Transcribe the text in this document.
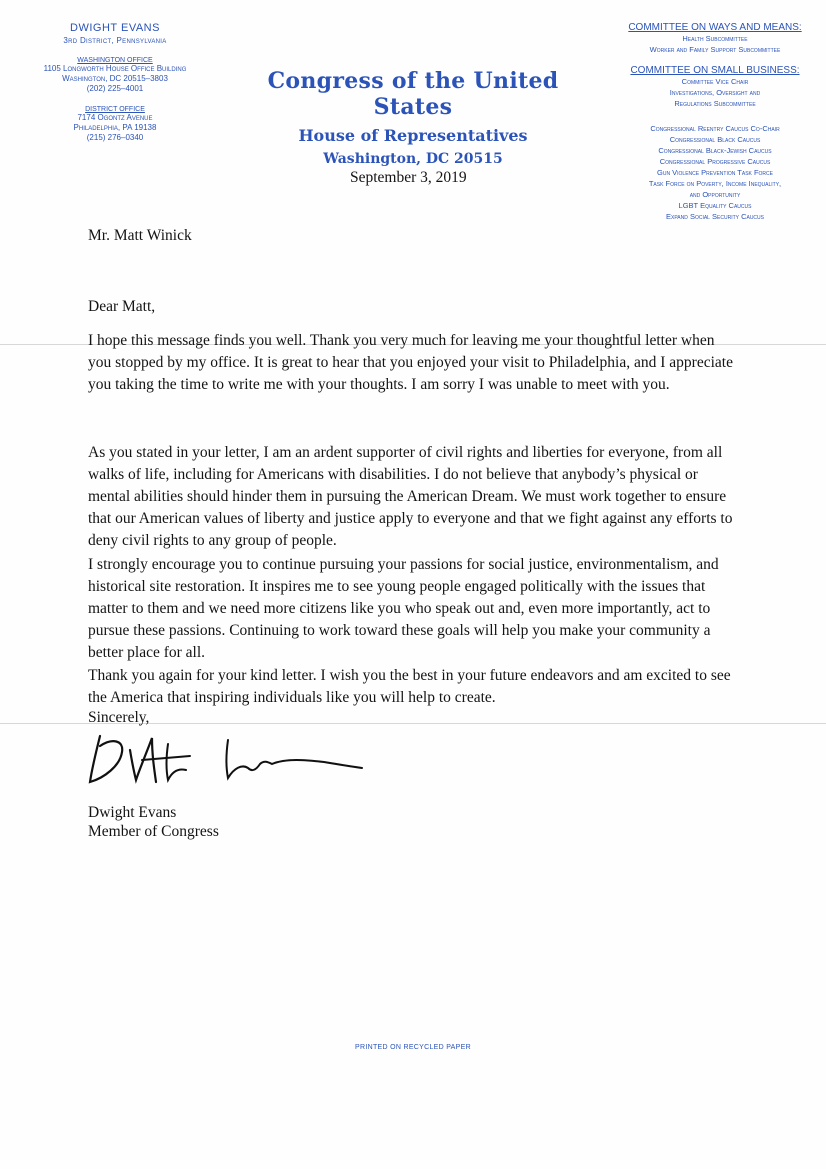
DWIGHT EVANS
3rd District, Pennsylvania
WASHINGTON OFFICE
1105 Longworth House Office Building
Washington, DC 20515–3803
(202) 225–4001
DISTRICT OFFICE
7174 Ogontz Avenue
Philadelphia, PA 19138
(215) 276–0340
Congress of the United States
House of Representatives
Washington, DC 20515
COMMITTEE ON WAYS AND MEANS:
Health Subcommittee
Worker and Family Support Subcommittee
COMMITTEE ON SMALL BUSINESS:
Committee Vice Chair
Investigations, Oversight and
Regulations Subcommittee
Congressional Reentry Caucus Co-Chair
Congressional Black Caucus
Congressional Black-Jewish Caucus
Congressional Progressive Caucus
Gun Violence Prevention Task Force
Task Force on Poverty, Income Inequality,
and Opportunity
LGBT Equality Caucus
Expand Social Security Caucus
September 3, 2019
Mr. Matt Winick
Dear Matt,

I hope this message finds you well. Thank you very much for leaving me your thoughtful letter when you stopped by my office. It is great to hear that you enjoyed your visit to Philadelphia, and I appreciate you taking the time to write me with your thoughts. I am sorry I was unable to meet with you.

As you stated in your letter, I am an ardent supporter of civil rights and liberties for everyone, from all walks of life, including for Americans with disabilities. I do not believe that anybody’s physical or mental abilities should hinder them in pursuing the American Dream. We must work together to ensure that our American values of liberty and justice apply to everyone and that we fight against any efforts to deny civil rights to any group of people.

I strongly encourage you to continue pursuing your passions for social justice, environmentalism, and historical site restoration. It inspires me to see young people engaged politically with the issues that matter to them and we need more citizens like you who speak out and, even more importantly, act to pursue these passions. Continuing to work toward these goals will help you make your community a better place for all.

Thank you again for your kind letter. I wish you the best in your future endeavors and am excited to see the America that inspiring individuals like you will help to create.

Sincerely,
Dwight Evans
Member of Congress
PRINTED ON RECYCLED PAPER
